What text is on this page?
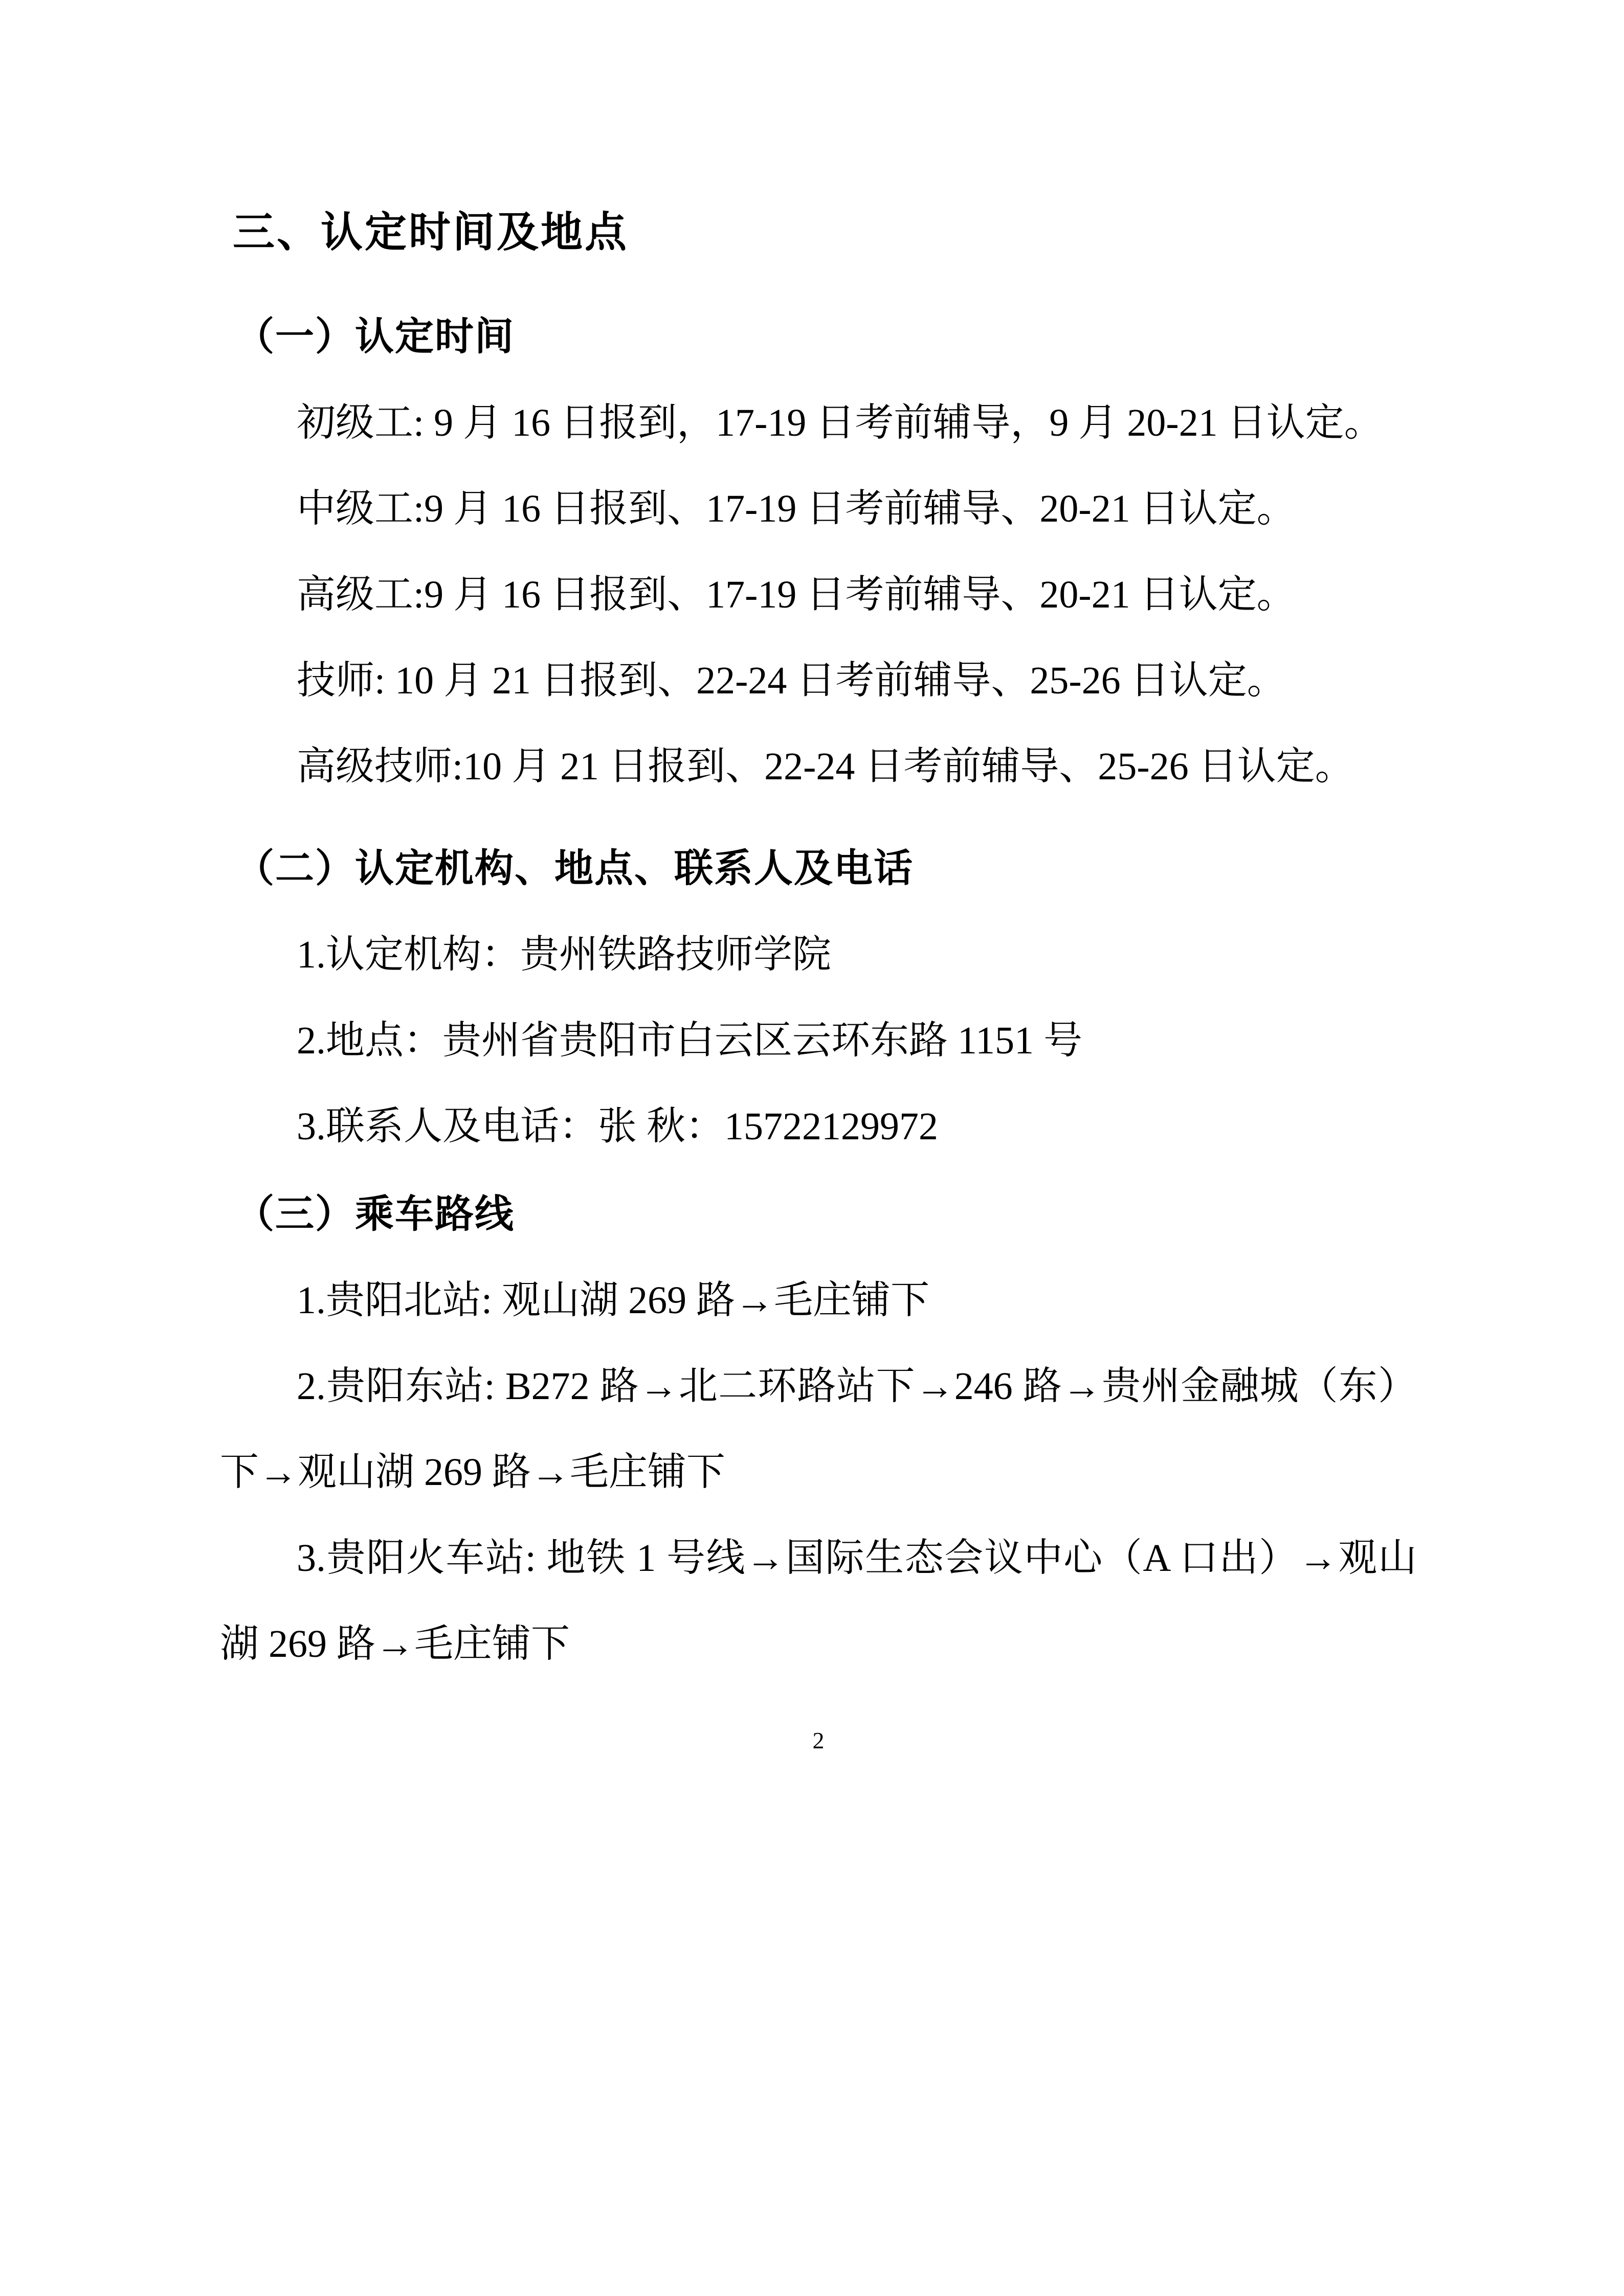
三、认定时间及地点
（一）认定时间

初级工: 9 月 16 日报到，17-19 日考前辅导，9 月 20-21 日认定。

中级工:9 月 16 日报到、17-19 日考前辅导、20-21 日认定。

高级工:9 月 16 日报到、17-19 日考前辅导、20-21 日认定。

技师: 10 月 21 日报到、22-24 日考前辅导、25-26 日认定。

高级技师:10 月 21 日报到、22-24 日考前辅导、25-26 日认定。

（二）认定机构、地点、联系人及电话

1.认定机构：贵州铁路技师学院

2.地点：贵州省贵阳市白云区云环东路 1151 号

3.联系人及电话：张 秋：15722129972

（三）乘车路线

1.贵阳北站: 观山湖 269 路→毛庄铺下

2.贵阳东站: B272 路→北二环路站下→246 路→贵州金融城（东）下→观山湖 269 路→毛庄铺下

3.贵阳火车站: 地铁 1 号线→国际生态会议中心（A 口出）→观山湖 269 路→毛庄铺下

2
